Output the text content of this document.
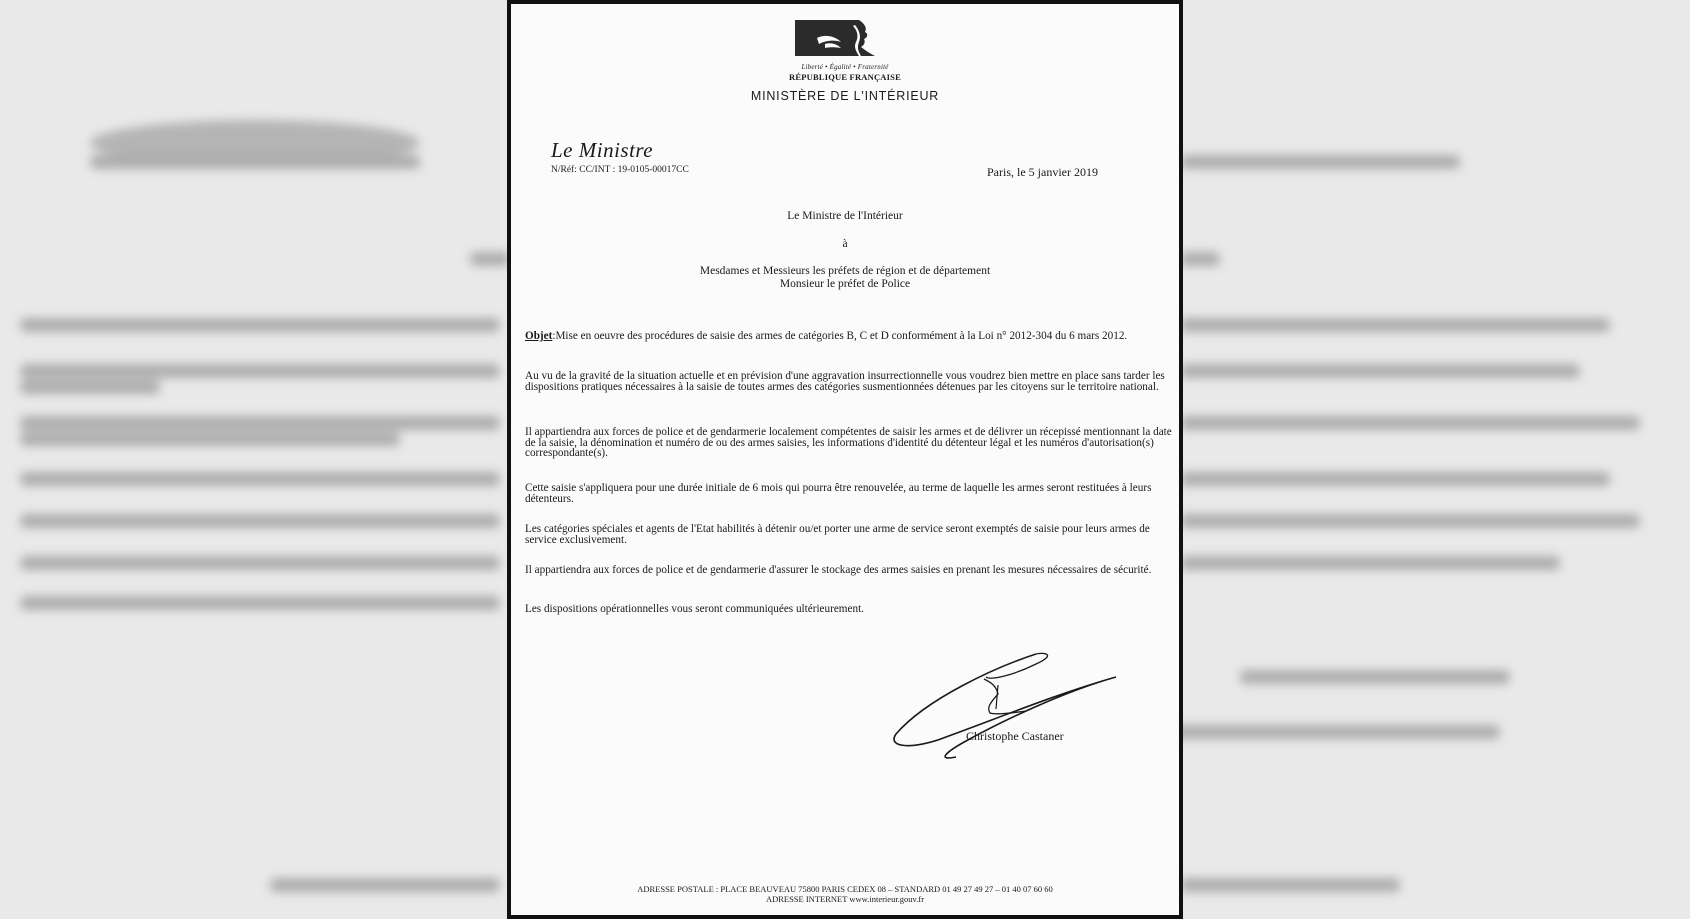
Liberté • Égalité • Fraternité
RÉPUBLIQUE FRANÇAISE
MINISTÈRE DE L'INTÉRIEUR
Le Ministre
N/Réf: CC/INT : 19-0105-00017CC	Paris, le 5 janvier 2019
Le Ministre de l'Intérieur
à
Mesdames et Messieurs les préfets de région et de département
Monsieur le préfet de Police
Objet:Mise en oeuvre des procédures de saisie des armes de catégories B, C et D conformément à la Loi n° 2012-304 du 6 mars 2012.
Au vu de la gravité de la situation actuelle et en prévision d'une aggravation insurrectionnelle vous voudrez bien mettre en place sans tarder les dispositions pratiques nécessaires à la saisie de toutes armes des catégories susmentionnées détenues par les citoyens sur le territoire national.
Il appartiendra aux forces de police et de gendarmerie localement compétentes de saisir les armes et de délivrer un récepissé mentionnant la date de la saisie, la dénomination et numéro de ou des armes saisies, les informations d'identité du détenteur légal et les numéros d'autorisation(s) correspondante(s).
Cette saisie s'appliquera pour une durée initiale de 6 mois qui pourra être renouvelée, au terme de laquelle les armes seront restituées à leurs détenteurs.
Les catégories spéciales et agents de l'Etat habilités à détenir ou/et porter une arme de service seront exemptés de saisie pour leurs armes de service exclusivement.
Il appartiendra aux forces de police et de gendarmerie d'assurer le stockage des armes saisies en prenant les mesures nécessaires de sécurité.
Les dispositions opérationnelles vous seront communiquées ultérieurement.
Christophe Castaner
ADRESSE POSTALE : PLACE BEAUVEAU 75800 PARIS CEDEX 08 – STANDARD 01 49 27 49 27 – 01 40 07 60 60
ADRESSE INTERNET www.interieur.gouv.fr
